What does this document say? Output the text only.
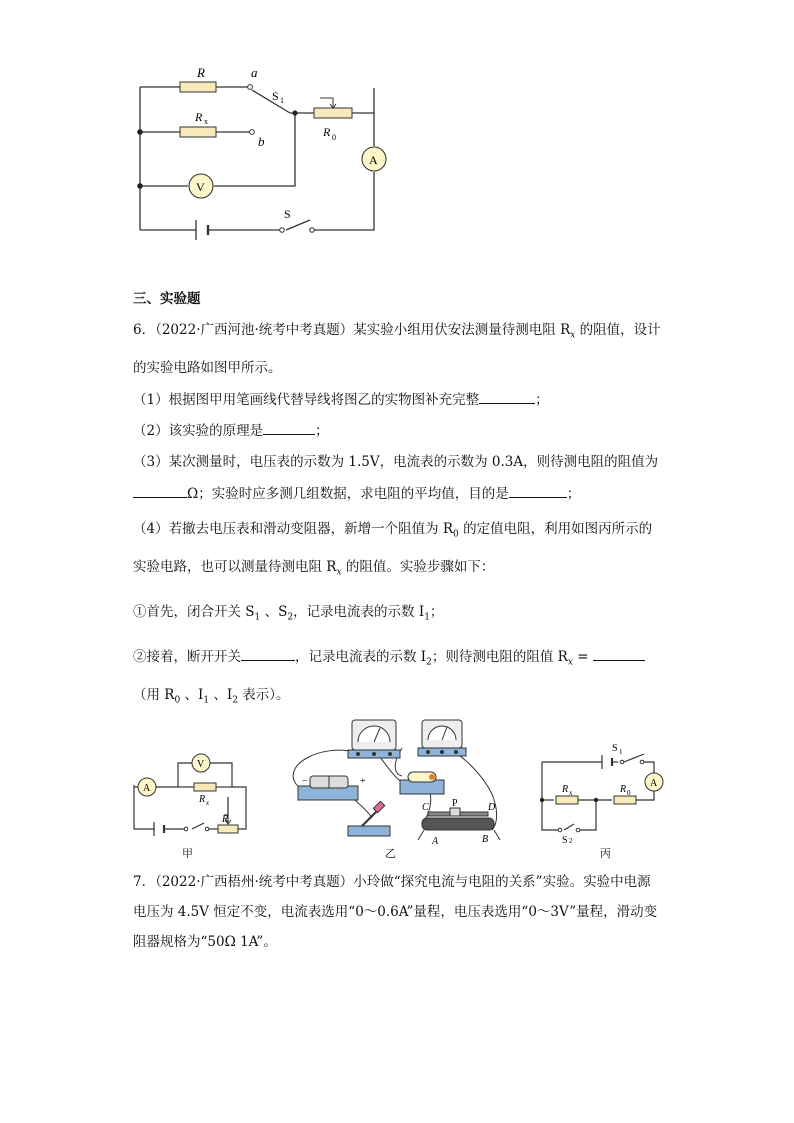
R	a
S 1
R x
b
R 0
A
V
S
三、实验题
6．（2022·广西河池·统考中考真题）某实验小组用伏安法测量待测电阻 $R_x$ 的阻值，设计
的实验电路如图甲所示。
（1）根据图甲用笔画线代替导线将图乙的实物图补充完整	；
（2）该实验的原理是	；
（3）某次测量时，电压表的示数为 1.5V，电流表的示数为 0.3A，则待测电阻的阻值为
Ω；实验时应多测几组数据，求电阻的平均值，目的是	；
（4）若撤去电压表和滑动变阻器，新增一个阻值为 $R_0$ 的定值电阻，利用如图丙所示的
实验电路，也可以测量待测电阻 $R_x$ 的阻值。实验步骤如下：
①首先，闭合开关 $S_1$ 、$S_2$，记录电流表的示数 $I_1$；
②接着，断开开关	，记录电流表的示数 $I_2$；则待测电阻的阻值 $R_x$ =
（用 $R_0$ 、$I_1$ 、$I_2$ 表示）。
V
A
R x
R
甲
−	+
C P	D
A	B
乙
S 1
R x	R 0
A
S 2
丙
7．（2022·广西梧州·统考中考真题）小玲做“探究电流与电阻的关系”实验。实验中电源
电压为 4.5V 恒定不变，电流表选用“0～0.6A”量程，电压表选用“0～3V”量程，滑动变
阻器规格为“50Ω 1A”。
